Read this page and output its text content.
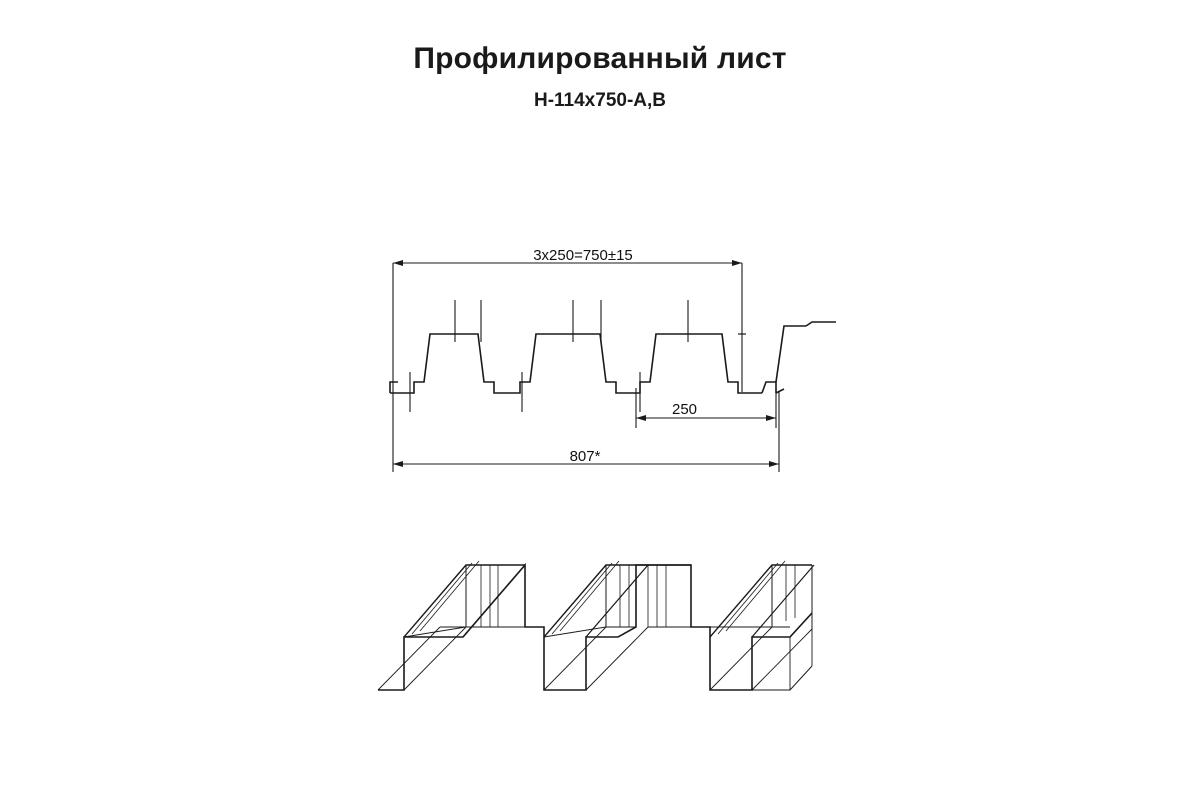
Профилированный лист
Н-114х750-А,В
3х250=750±15
250
807*
